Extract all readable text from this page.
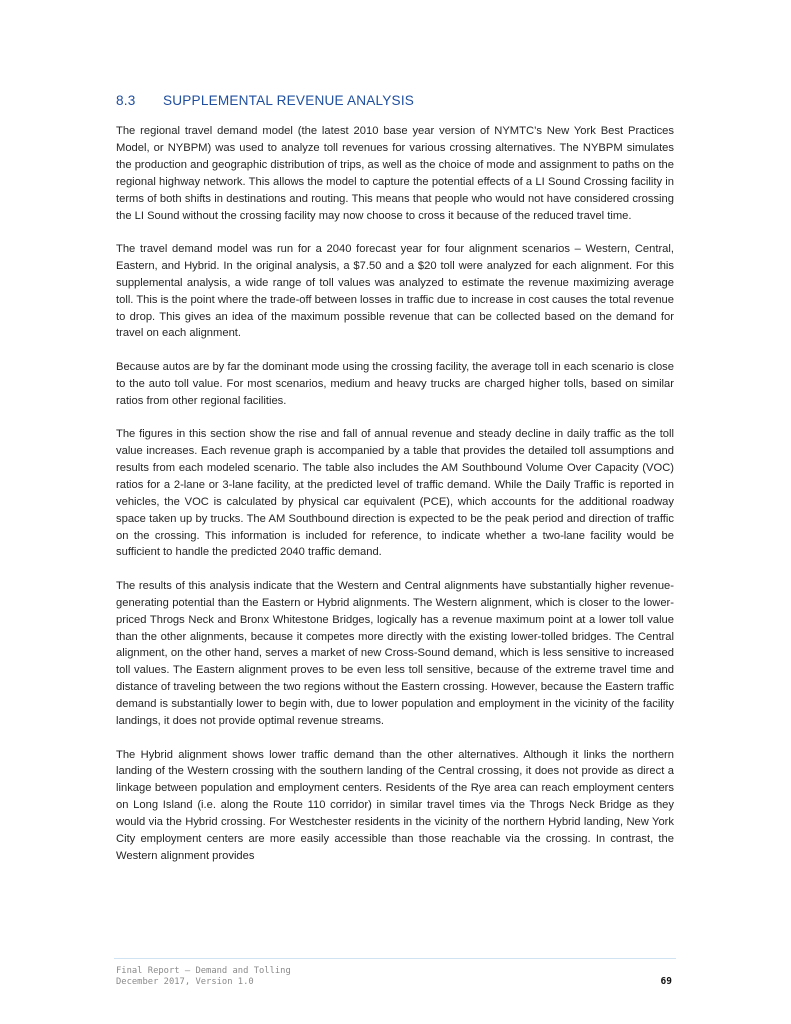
8.3	SUPPLEMENTAL REVENUE ANALYSIS

The regional travel demand model (the latest 2010 base year version of NYMTC’s New York Best Practices Model, or NYBPM) was used to analyze toll revenues for various crossing alternatives. The NYBPM simulates the production and geographic distribution of trips, as well as the choice of mode and assignment to paths on the regional highway network. This allows the model to capture the potential effects of a LI Sound Crossing facility in terms of both shifts in destinations and routing. This means that people who would not have considered crossing the LI Sound without the crossing facility may now choose to cross it because of the reduced travel time.

The travel demand model was run for a 2040 forecast year for four alignment scenarios – Western, Central, Eastern, and Hybrid. In the original analysis, a $7.50 and a $20 toll were analyzed for each alignment. For this supplemental analysis, a wide range of toll values was analyzed to estimate the revenue maximizing average toll. This is the point where the trade-off between losses in traffic due to increase in cost causes the total revenue to drop. This gives an idea of the maximum possible revenue that can be collected based on the demand for travel on each alignment.

Because autos are by far the dominant mode using the crossing facility, the average toll in each scenario is close to the auto toll value. For most scenarios, medium and heavy trucks are charged higher tolls, based on similar ratios from other regional facilities.

The figures in this section show the rise and fall of annual revenue and steady decline in daily traffic as the toll value increases. Each revenue graph is accompanied by a table that provides the detailed toll assumptions and results from each modeled scenario. The table also includes the AM Southbound Volume Over Capacity (VOC) ratios for a 2-lane or 3-lane facility, at the predicted level of traffic demand. While the Daily Traffic is reported in vehicles, the VOC is calculated by physical car equivalent (PCE), which accounts for the additional roadway space taken up by trucks. The AM Southbound direction is expected to be the peak period and direction of traffic on the crossing. This information is included for reference, to indicate whether a two-lane facility would be sufficient to handle the predicted 2040 traffic demand.

The results of this analysis indicate that the Western and Central alignments have substantially higher revenue-generating potential than the Eastern or Hybrid alignments. The Western alignment, which is closer to the lower-priced Throgs Neck and Bronx Whitestone Bridges, logically has a revenue maximum point at a lower toll value than the other alignments, because it competes more directly with the existing lower-tolled bridges. The Central alignment, on the other hand, serves a market of new Cross-Sound demand, which is less sensitive to increased toll values. The Eastern alignment proves to be even less toll sensitive, because of the extreme travel time and distance of traveling between the two regions without the Eastern crossing. However, because the Eastern traffic demand is substantially lower to begin with, due to lower population and employment in the vicinity of the facility landings, it does not provide optimal revenue streams.

The Hybrid alignment shows lower traffic demand than the other alternatives. Although it links the northern landing of the Western crossing with the southern landing of the Central crossing, it does not provide as direct a linkage between population and employment centers. Residents of the Rye area can reach employment centers on Long Island (i.e. along the Route 110 corridor) in similar travel times via the Throgs Neck Bridge as they would via the Hybrid crossing. For Westchester residents in the vicinity of the northern Hybrid landing, New York City employment centers are more easily accessible than those reachable via the crossing. In contrast, the Western alignment provides

Final Report – Demand and Tolling
December 2017, Version 1.0	69
